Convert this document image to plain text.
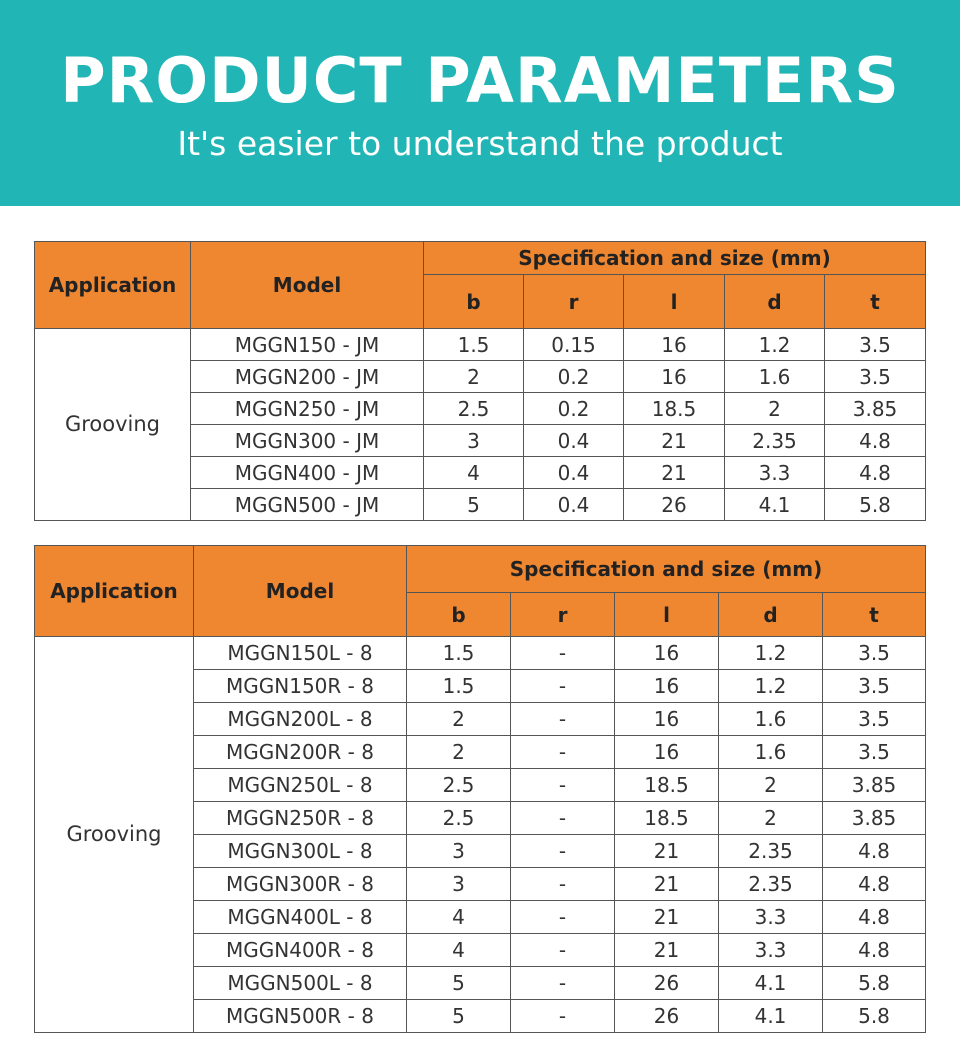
PRODUCT PARAMETERS
It's easier to understand the product
Application	Model	Specification and size (mm)				
		b	r	l	d	t
Grooving	MGGN150 - JM	1.5	0.15	16	1.2	3.5
	MGGN200 - JM	2	0.2	16	1.6	3.5
	MGGN250 - JM	2.5	0.2	18.5	2	3.85
	MGGN300 - JM	3	0.4	21	2.35	4.8
	MGGN400 - JM	4	0.4	21	3.3	4.8
	MGGN500 - JM	5	0.4	26	4.1	5.8
Application	Model	Specification and size (mm)				
		b	r	l	d	t
Grooving	MGGN150L - 8	1.5	-	16	1.2	3.5
	MGGN150R - 8	1.5	-	16	1.2	3.5
	MGGN200L - 8	2	-	16	1.6	3.5
	MGGN200R - 8	2	-	16	1.6	3.5
	MGGN250L - 8	2.5	-	18.5	2	3.85
	MGGN250R - 8	2.5	-	18.5	2	3.85
	MGGN300L - 8	3	-	21	2.35	4.8
	MGGN300R - 8	3	-	21	2.35	4.8
	MGGN400L - 8	4	-	21	3.3	4.8
	MGGN400R - 8	4	-	21	3.3	4.8
	MGGN500L - 8	5	-	26	4.1	5.8
	MGGN500R - 8	5	-	26	4.1	5.8
